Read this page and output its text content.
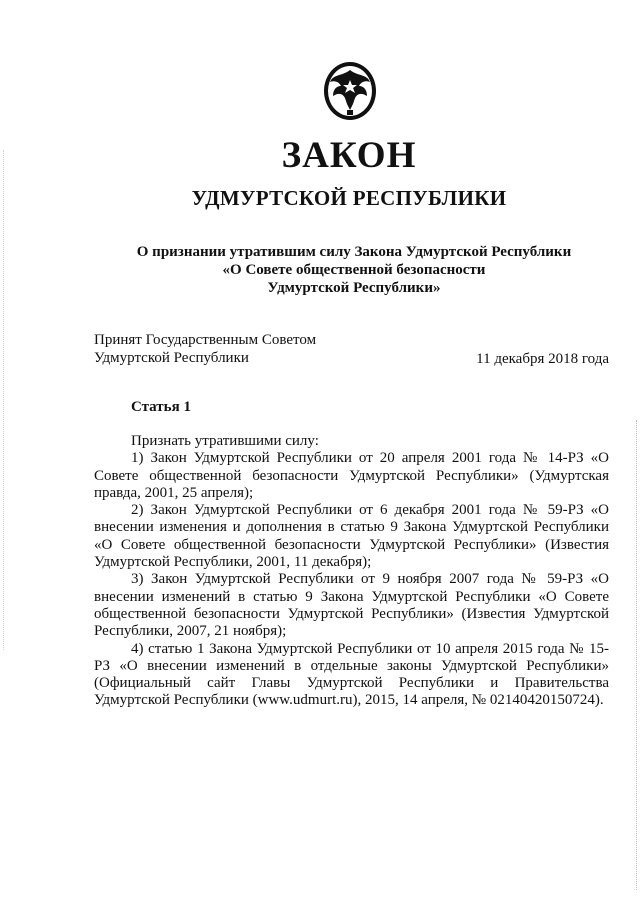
ЗАКОН
УДМУРТСКОЙ РЕСПУБЛИКИ
О признании утратившим силу Закона Удмуртской Республики
«О Совете общественной безопасности
Удмуртской Республики»
Принят Государственным Советом
Удмуртской Республики	11 декабря 2018 года
Статья 1

Признать утратившими силу:

1) Закон Удмуртской Республики от 20 апреля 2001 года № 14-РЗ «О Совете общественной безопасности Удмуртской Республики» (Удмуртская правда, 2001, 25 апреля);

2) Закон Удмуртской Республики от 6 декабря 2001 года № 59-РЗ «О внесении изменения и дополнения в статью 9 Закона Удмуртской Республики «О Совете общественной безопасности Удмуртской Республики» (Известия Удмуртской Республики, 2001, 11 декабря);

3) Закон Удмуртской Республики от 9 ноября 2007 года № 59-РЗ «О внесении изменений в статью 9 Закона Удмуртской Республики «О Совете общественной безопасности Удмуртской Республики» (Известия Удмуртской Республики, 2007, 21 ноября);

4) статью 1 Закона Удмуртской Республики от 10 апреля 2015 года № 15-РЗ «О внесении изменений в отдельные законы Удмуртской Республики» (Официальный сайт Главы Удмуртской Республики и Правительства Удмуртской Республики (www.udmurt.ru), 2015, 14 апреля, № 02140420150724).
